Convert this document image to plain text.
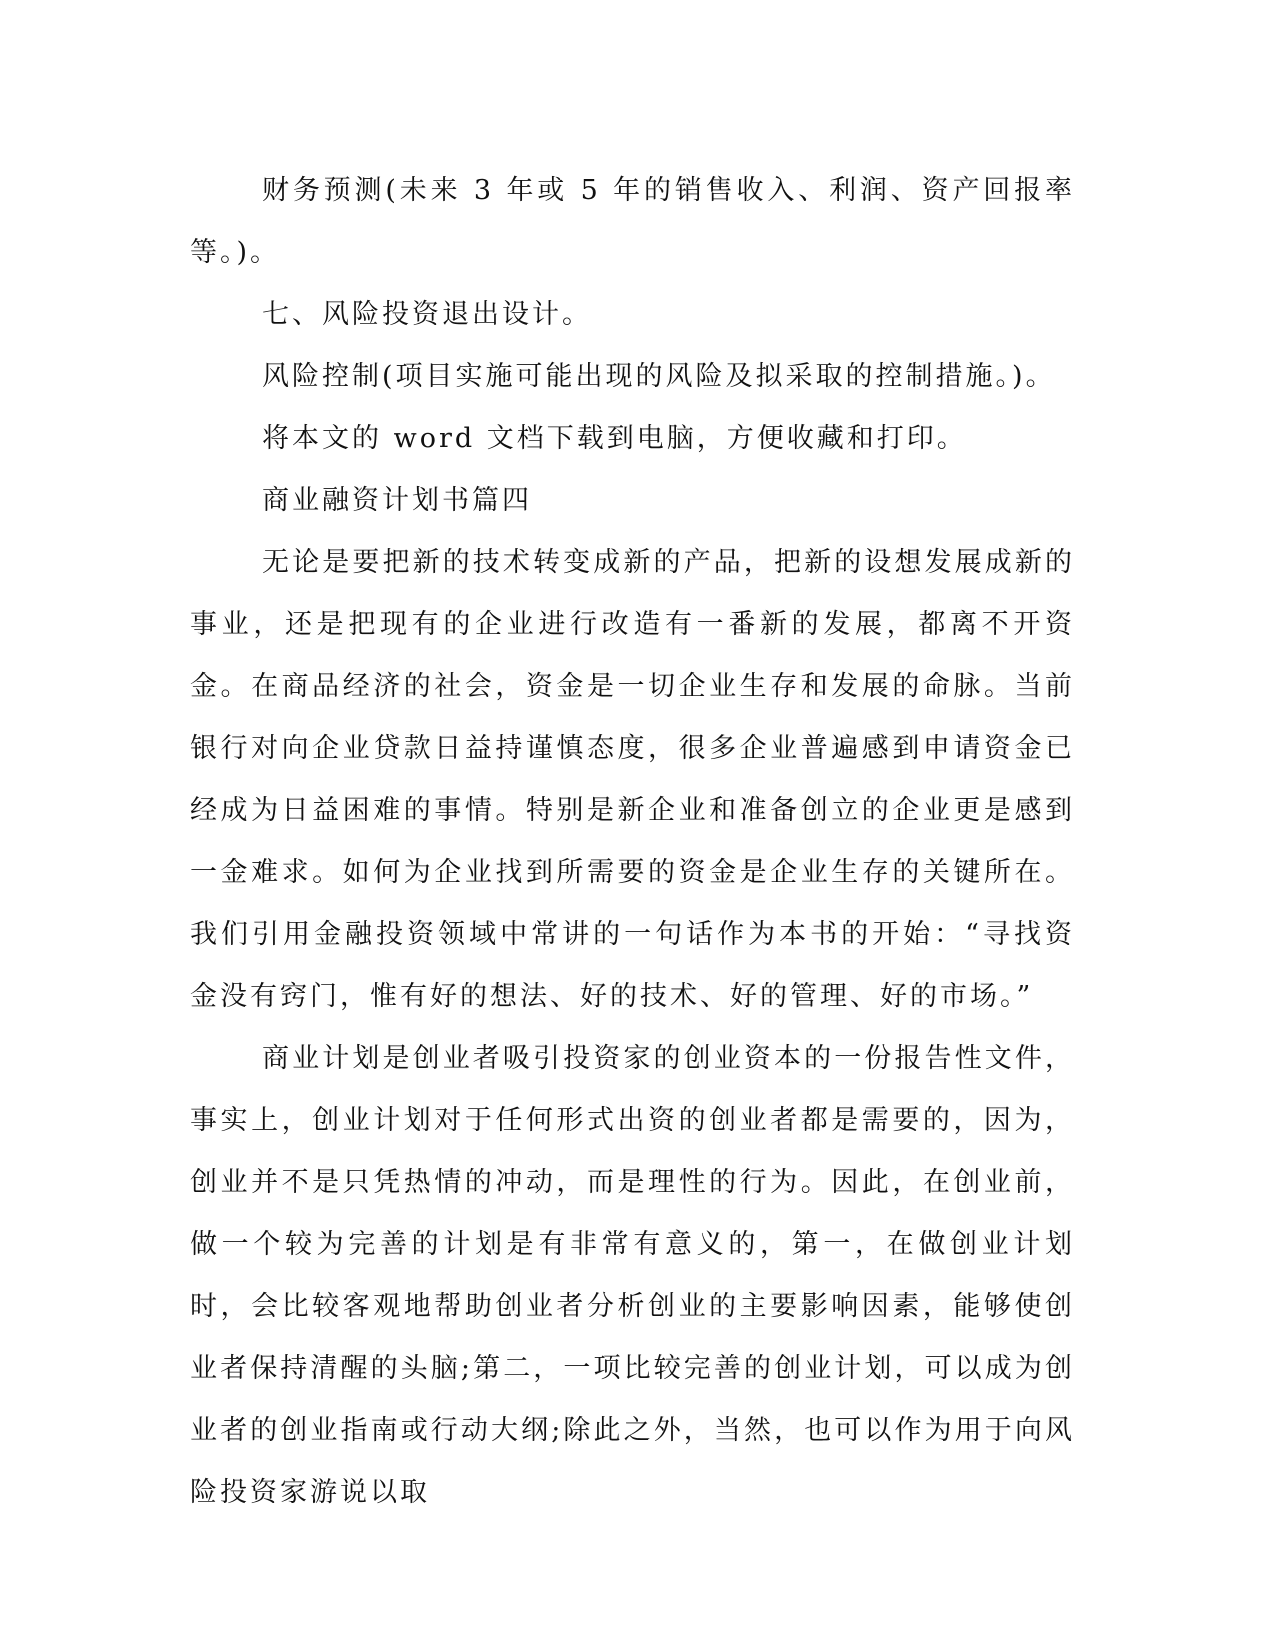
财务预测(未来 3 年或 5 年的销售收入、利润、资产回报率等。)。

七、风险投资退出设计。

风险控制(项目实施可能出现的风险及拟采取的控制措施。)。

将本文的 word 文档下载到电脑，方便收藏和打印。

商业融资计划书篇四

无论是要把新的技术转变成新的产品，把新的设想发展成新的事业，还是把现有的企业进行改造有一番新的发展，都离不开资金。在商品经济的社会，资金是一切企业生存和发展的命脉。当前银行对向企业贷款日益持谨慎态度，很多企业普遍感到申请资金已经成为日益困难的事情。特别是新企业和准备创立的企业更是感到一金难求。如何为企业找到所需要的资金是企业生存的关键所在。我们引用金融投资领域中常讲的一句话作为本书的开始：“寻找资金没有窍门，惟有好的想法、好的技术、好的管理、好的市场。”

商业计划是创业者吸引投资家的创业资本的一份报告性文件，事实上，创业计划对于任何形式出资的创业者都是需要的，因为，创业并不是只凭热情的冲动，而是理性的行为。因此，在创业前，做一个较为完善的计划是有非常有意义的，第一，在做创业计划时，会比较客观地帮助创业者分析创业的主要影响因素，能够使创业者保持清醒的头脑;第二，一项比较完善的创业计划，可以成为创业者的创业指南或行动大纲;除此之外，当然，也可以作为用于向风险投资家游说以取
